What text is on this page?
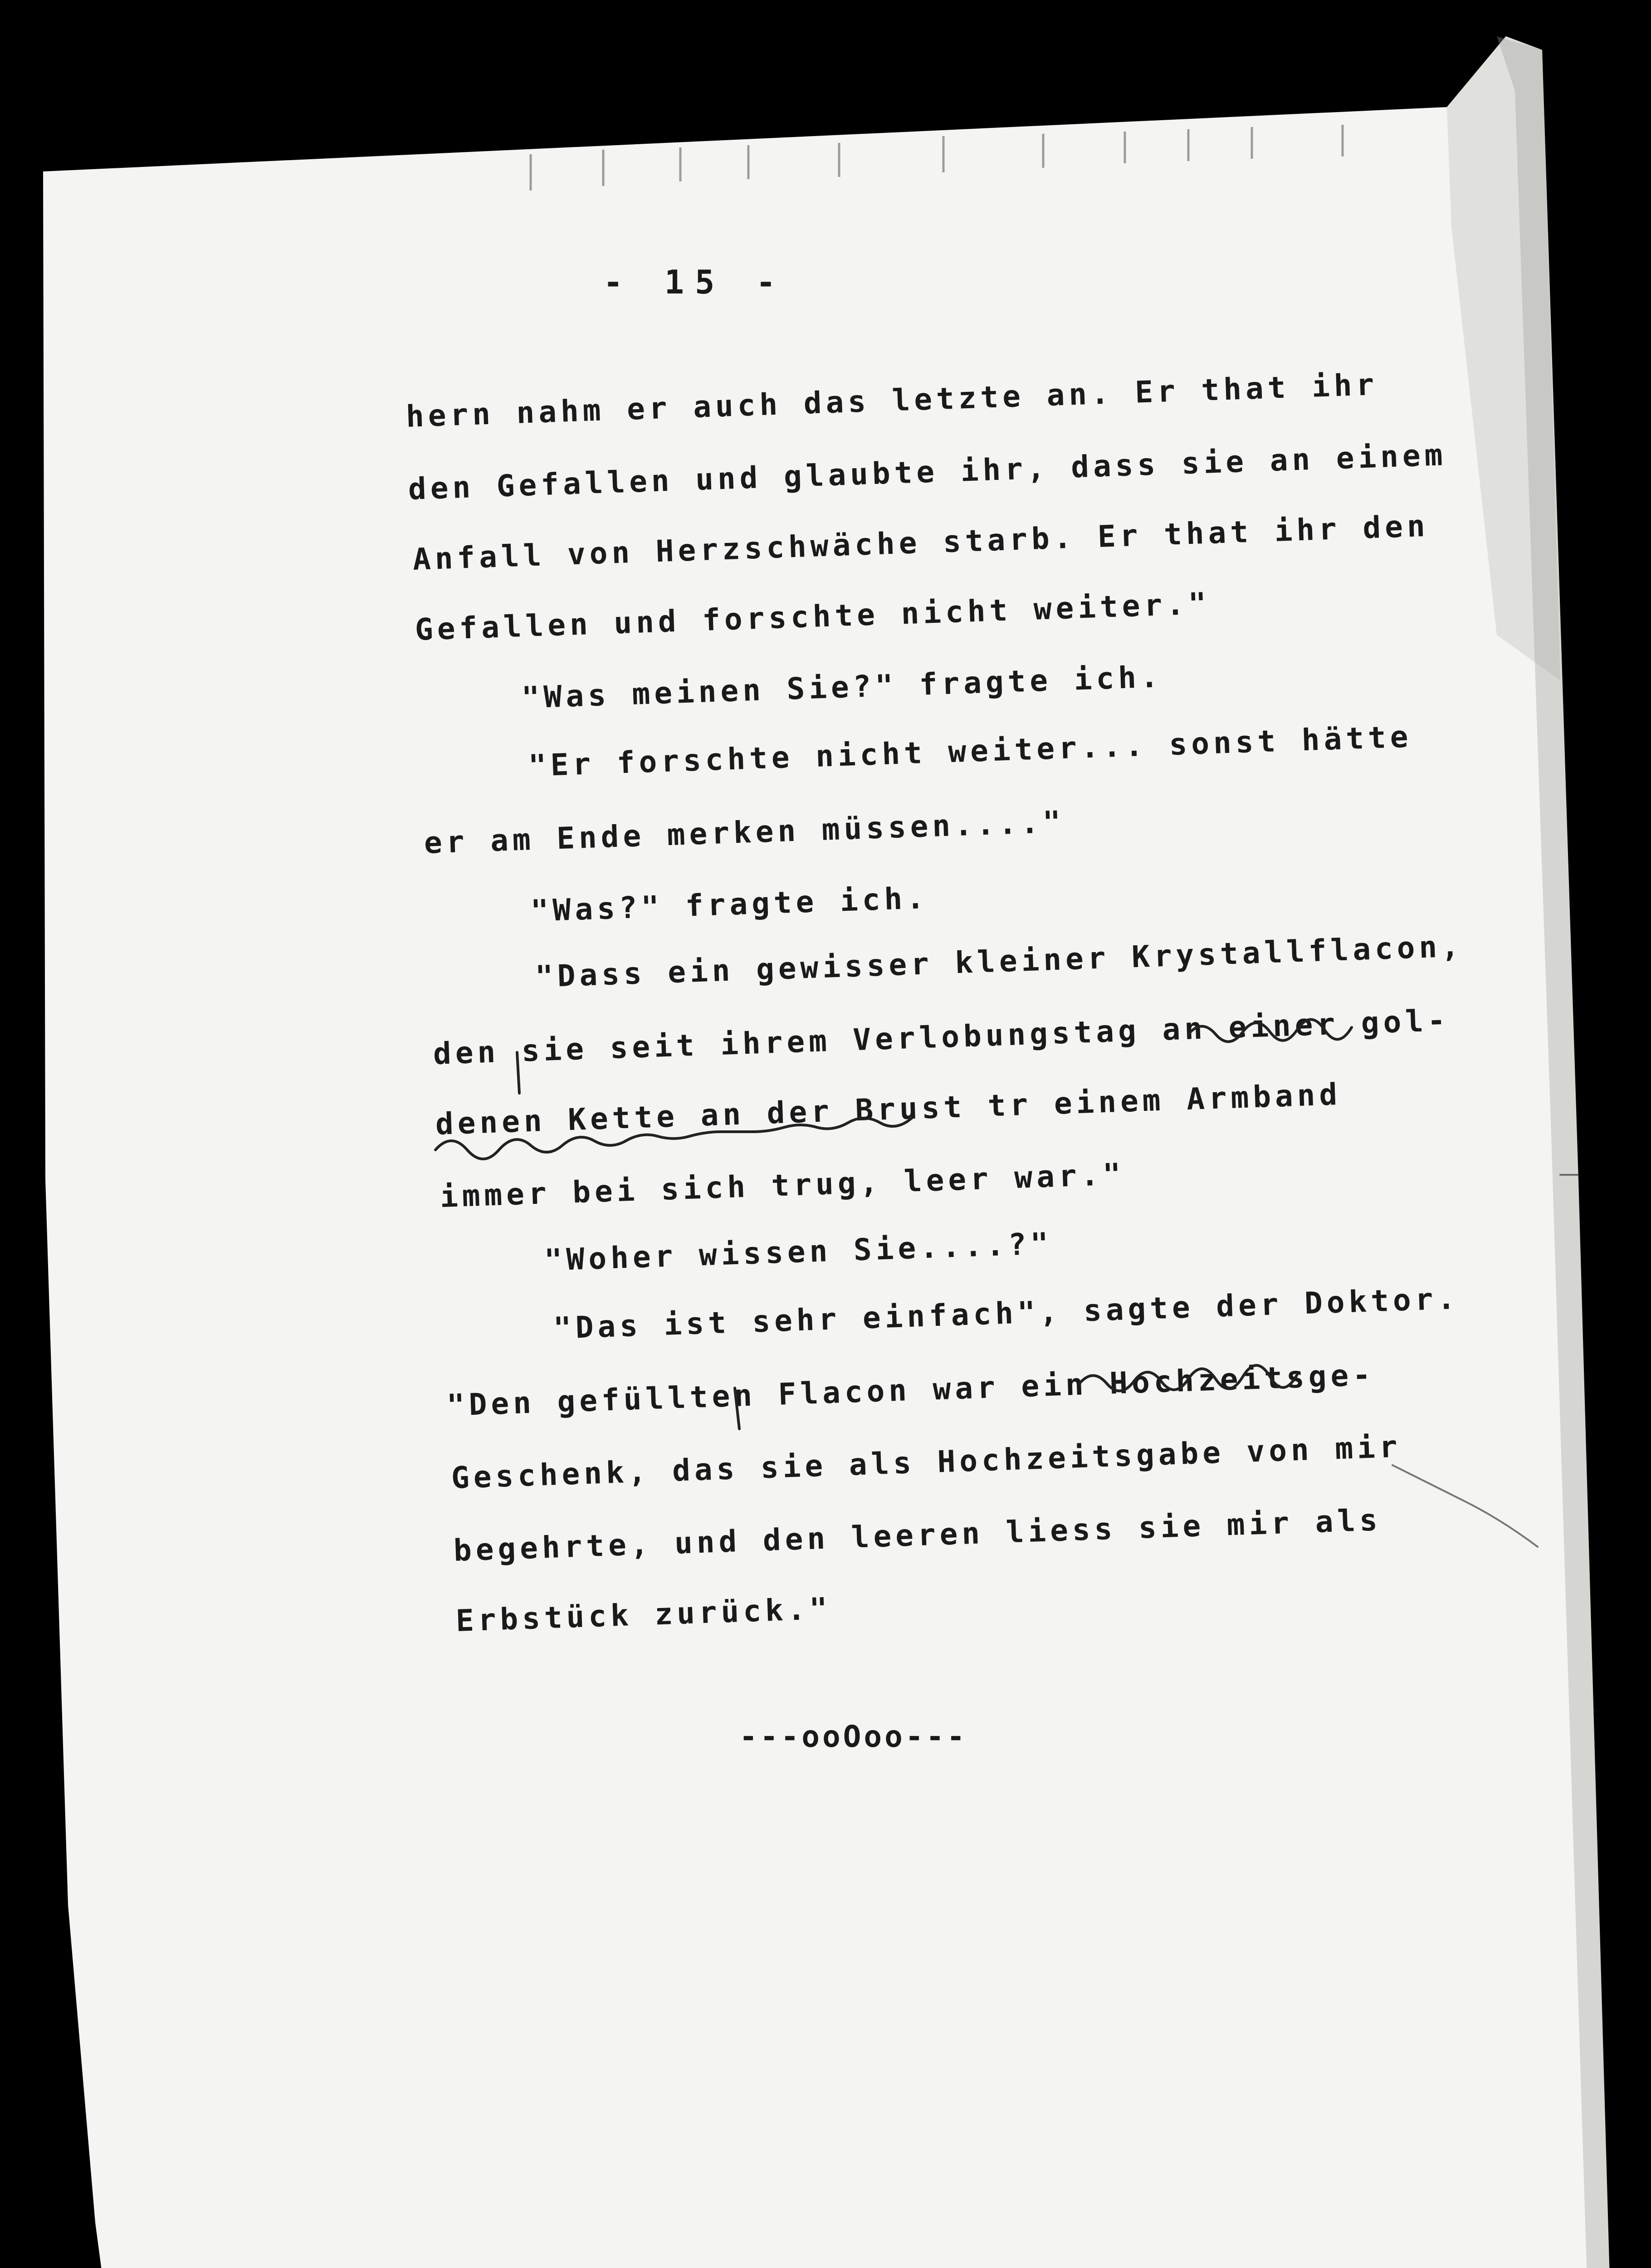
- 15 -
hern nahm er auch das letzte an. Er that ihr
den Gefallen und glaubte ihr, dass sie an einem
Anfall von Herzschwäche starb. Er that ihr den
Gefallen und forschte nicht weiter."
"Was meinen Sie?" fragte ich.
"Er forschte nicht weiter... sonst hätte
er am Ende merken müssen...."
"Was?" fragte ich.
"Dass ein gewisser kleiner Krystallflacon,
den sie seit ihrem Verlobungstag an einer gol-
denen Kette an der Brust tr einem Armband
immer bei sich trug, leer war."
"Woher wissen Sie....?"
"Das ist sehr einfach", sagte der Doktor.
"Den gefüllten Flacon war ein Hochzeitsge-
Geschenk, das sie als Hochzeitsgabe von mir
begehrte, und den leeren liess sie mir als
Erbstück zurück."
---ooOoo---
